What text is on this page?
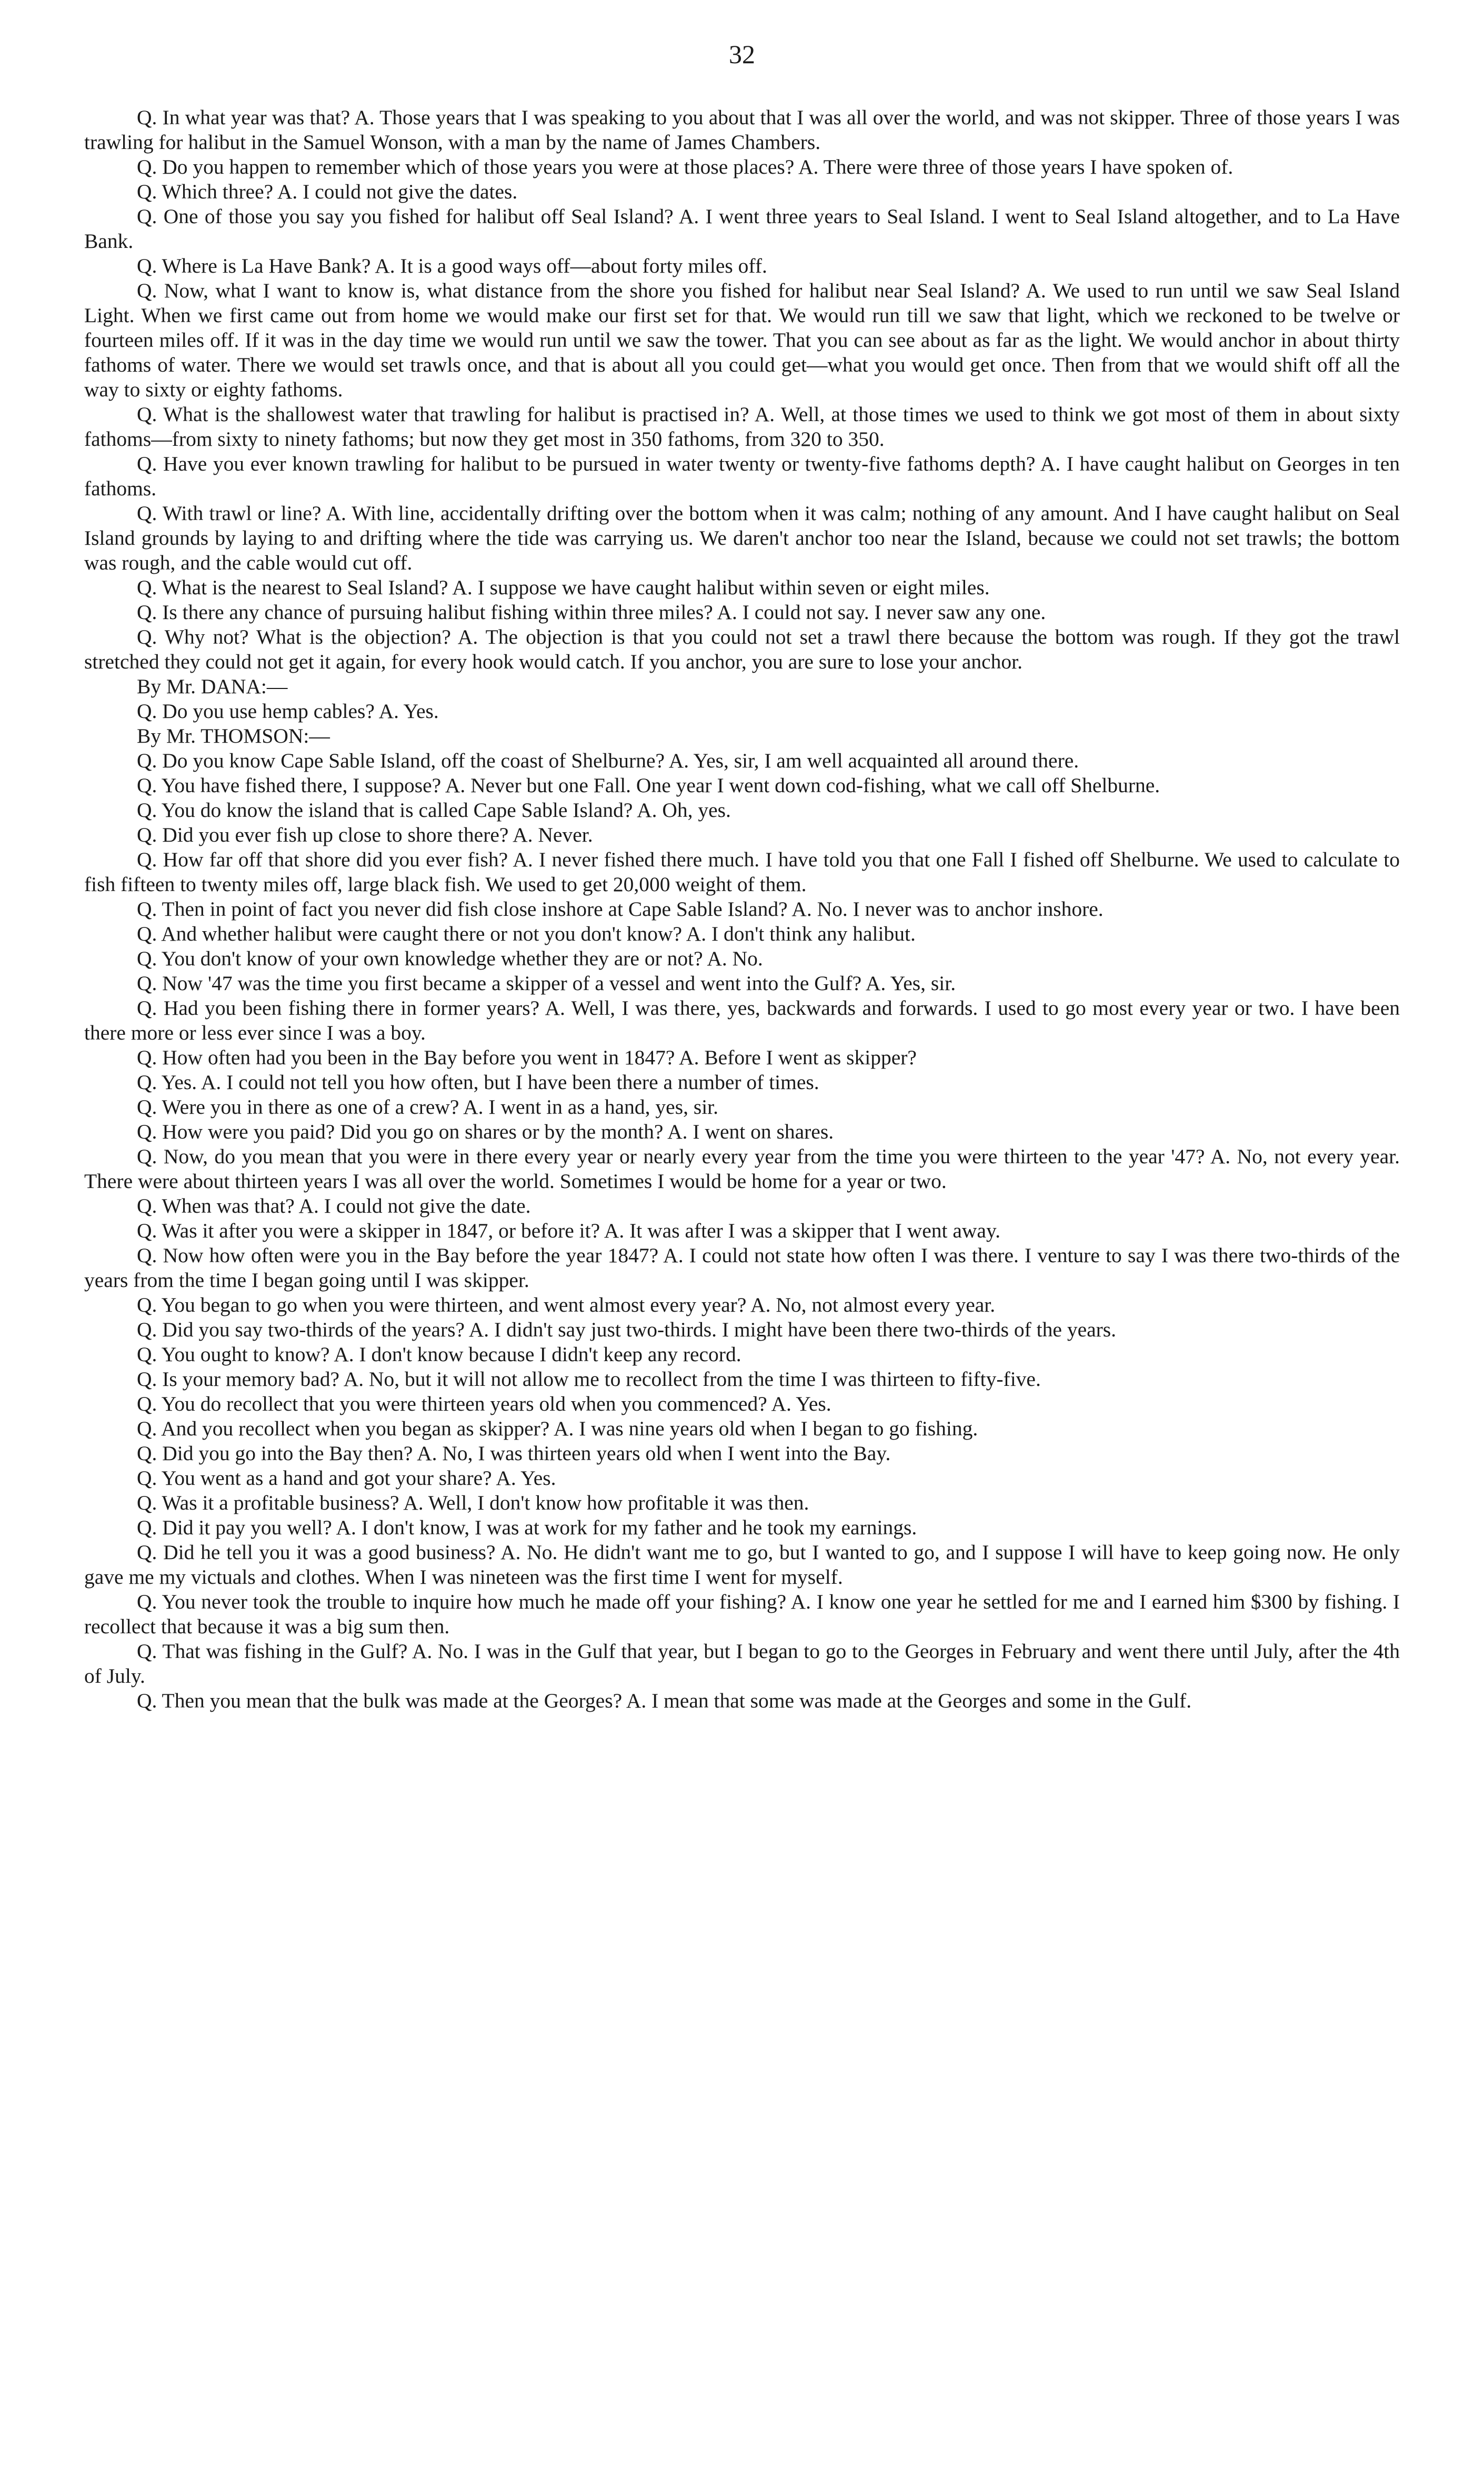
32

Q. In what year was that? A. Those years that I was speaking to you about that I was all over the world, and was not skipper. Three of those years I was trawling for halibut in the Samuel Wonson, with a man by the name of James Chambers.

Q. Do you happen to remember which of those years you were at those places? A. There were three of those years I have spoken of.

Q. Which three? A. I could not give the dates.

Q. One of those you say you fished for halibut off Seal Island? A. I went three years to Seal Island. I went to Seal Island altogether, and to La Have Bank.

Q. Where is La Have Bank? A. It is a good ways off—about forty miles off.

Q. Now, what I want to know is, what distance from the shore you fished for halibut near Seal Island? A. We used to run until we saw Seal Island Light. When we first came out from home we would make our first set for that. We would run till we saw that light, which we reckoned to be twelve or fourteen miles off. If it was in the day time we would run until we saw the tower. That you can see about as far as the light. We would anchor in about thirty fathoms of water. There we would set trawls once, and that is about all you could get—what you would get once. Then from that we would shift off all the way to sixty or eighty fathoms.

Q. What is the shallowest water that trawling for halibut is practised in? A. Well, at those times we used to think we got most of them in about sixty fathoms—from sixty to ninety fathoms; but now they get most in 350 fathoms, from 320 to 350.

Q. Have you ever known trawling for halibut to be pursued in water twenty or twenty-five fathoms depth? A. I have caught halibut on Georges in ten fathoms.

Q. With trawl or line? A. With line, accidentally drifting over the bottom when it was calm; nothing of any amount. And I have caught halibut on Seal Island grounds by laying to and drifting where the tide was carrying us. We daren't anchor too near the Island, because we could not set trawls; the bottom was rough, and the cable would cut off.

Q. What is the nearest to Seal Island? A. I suppose we have caught halibut within seven or eight miles.

Q. Is there any chance of pursuing halibut fishing within three miles? A. I could not say. I never saw any one.

Q. Why not? What is the objection? A. The objection is that you could not set a trawl there because the bottom was rough. If they got the trawl stretched they could not get it again, for every hook would catch. If you anchor, you are sure to lose your anchor.

By Mr. DANA:—

Q. Do you use hemp cables? A. Yes.

By Mr. THOMSON:—

Q. Do you know Cape Sable Island, off the coast of Shelburne? A. Yes, sir, I am well acquainted all around there.

Q. You have fished there, I suppose? A. Never but one Fall. One year I went down cod-fishing, what we call off Shelburne.

Q. You do know the island that is called Cape Sable Island? A. Oh, yes.

Q. Did you ever fish up close to shore there? A. Never.

Q. How far off that shore did you ever fish? A. I never fished there much. I have told you that one Fall I fished off Shelburne. We used to calculate to fish fifteen to twenty miles off, large black fish. We used to get 20,000 weight of them.

Q. Then in point of fact you never did fish close inshore at Cape Sable Island? A. No. I never was to anchor inshore.

Q. And whether halibut were caught there or not you don't know? A. I don't think any halibut.

Q. You don't know of your own knowledge whether they are or not? A. No.

Q. Now '47 was the time you first became a skipper of a vessel and went into the Gulf? A. Yes, sir.

Q. Had you been fishing there in former years? A. Well, I was there, yes, backwards and forwards. I used to go most every year or two. I have been there more or less ever since I was a boy.

Q. How often had you been in the Bay before you went in 1847? A. Before I went as skipper?

Q. Yes. A. I could not tell you how often, but I have been there a number of times.

Q. Were you in there as one of a crew? A. I went in as a hand, yes, sir.

Q. How were you paid? Did you go on shares or by the month? A. I went on shares.

Q. Now, do you mean that you were in there every year or nearly every year from the time you were thirteen to the year '47? A. No, not every year. There were about thirteen years I was all over the world. Sometimes I would be home for a year or two.

Q. When was that? A. I could not give the date.

Q. Was it after you were a skipper in 1847, or before it? A. It was after I was a skipper that I went away.

Q. Now how often were you in the Bay before the year 1847? A. I could not state how often I was there. I venture to say I was there two-thirds of the years from the time I began going until I was skipper.

Q. You began to go when you were thirteen, and went almost every year? A. No, not almost every year.

Q. Did you say two-thirds of the years? A. I didn't say just two-thirds. I might have been there two-thirds of the years.

Q. You ought to know? A. I don't know because I didn't keep any record.

Q. Is your memory bad? A. No, but it will not allow me to recollect from the time I was thirteen to fifty-five.

Q. You do recollect that you were thirteen years old when you commenced? A. Yes.

Q. And you recollect when you began as skipper? A. I was nine years old when I began to go fishing.

Q. Did you go into the Bay then? A. No, I was thirteen years old when I went into the Bay.

Q. You went as a hand and got your share? A. Yes.

Q. Was it a profitable business? A. Well, I don't know how profitable it was then.

Q. Did it pay you well? A. I don't know, I was at work for my father and he took my earnings.

Q. Did he tell you it was a good business? A. No. He didn't want me to go, but I wanted to go, and I suppose I will have to keep going now. He only gave me my victuals and clothes. When I was nineteen was the first time I went for myself.

Q. You never took the trouble to inquire how much he made off your fishing? A. I know one year he settled for me and I earned him $300 by fishing. I recollect that because it was a big sum then.

Q. That was fishing in the Gulf? A. No. I was in the Gulf that year, but I began to go to the Georges in February and went there until July, after the 4th of July.

Q. Then you mean that the bulk was made at the Georges? A. I mean that some was made at the Georges and some in the Gulf.
